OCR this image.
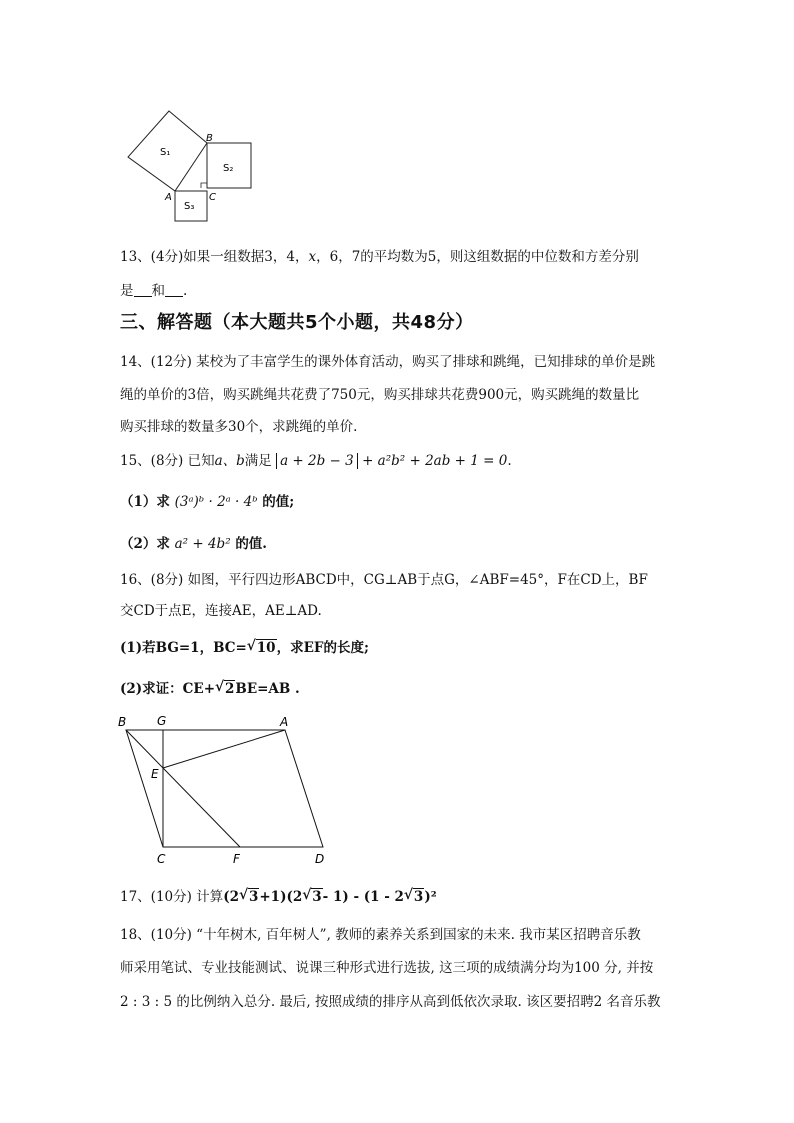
B
A	C
S₁
S₂
S₃
13、(4分)如果一组数据3，4，x，6，7的平均数为5，则这组数据的中位数和方差分别
是 和 .
三、解答题（本大题共5个小题，共48分）
14、(12分) 某校为了丰富学生的课外体育活动，购买了排球和跳绳，已知排球的单价是跳
绳的单价的3倍，购买跳绳共花费了750元，购买排球共花费900元，购买跳绳的数量比
购买排球的数量多30个，求跳绳的单价.
15、(8分) 已知a、b满足 a + 2b − 3 + a²b² + 2ab + 1 = 0.
（1）求 (3ᵃ)ᵇ · 2ᵃ · 4ᵇ 的值;
（2）求 a² + 4b² 的值.
16、(8分) 如图，平行四边形ABCD中，CG⊥AB于点G，∠ABF=45°，F在CD上，BF
交CD于点E，连接AE，AE⊥AD.
(1)若BG=1，BC= √ 10，求EF的长度;
(2)求证：CE+ √ 2BE=AB .
B	G	A
E
C	F	D
17、(10分) 计算(2 √ 3+1)(2 √ 3- 1) - (1 - 2 √ 3)²
18、(10分) “十年树木, 百年树人”, 教师的素养关系到国家的未来. 我市某区招聘音乐教
师采用笔试、专业技能测试、说课三种形式进行选拔, 这三项的成绩满分均为100 分, 并按
2 : 3 : 5 的比例纳入总分. 最后, 按照成绩的排序从高到低依次录取. 该区要招聘2 名音乐教
